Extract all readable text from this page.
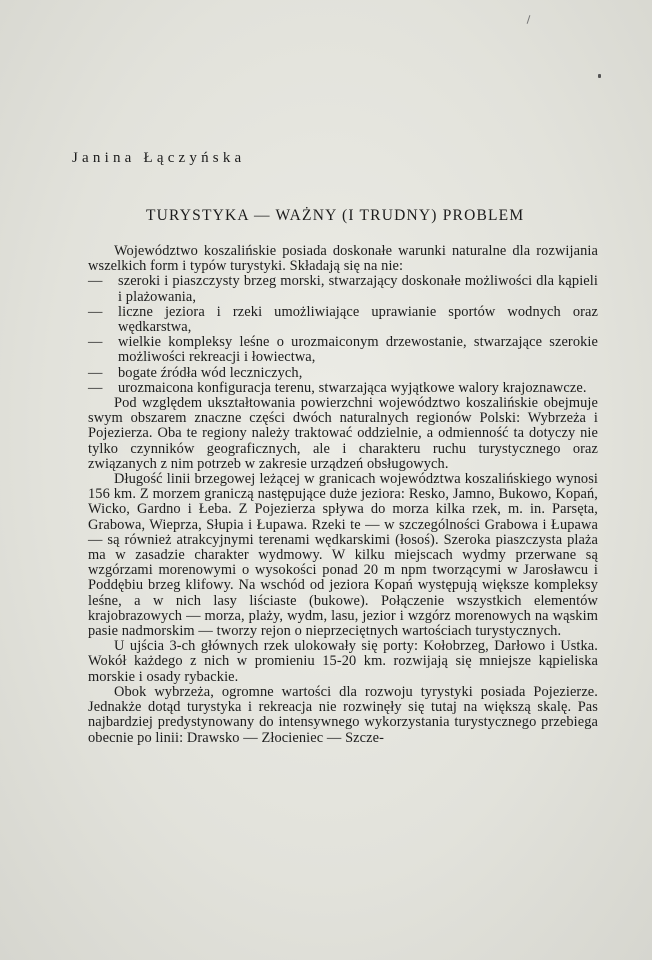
Janina Łączyńska
TURYSTYKA — WAŻNY (I TRUDNY) PROBLEM

Województwo koszalińskie posiada doskonałe warunki naturalne dla rozwijania wszelkich form i typów turystyki. Składają się na nie:

— szeroki i piaszczysty brzeg morski, stwarzający doskonałe możliwości dla kąpieli i plażowania,
— liczne jeziora i rzeki umożliwiające uprawianie sportów wodnych oraz wędkarstwa,
— wielkie kompleksy leśne o urozmaiconym drzewostanie, stwarzające szerokie możliwości rekreacji i łowiectwa,
— bogate źródła wód leczniczych,
— urozmaicona konfiguracja terenu, stwarzająca wyjątkowe walory krajoznawcze.

Pod względem ukształtowania powierzchni województwo koszalińskie obejmuje swym obszarem znaczne części dwóch naturalnych regionów Polski: Wybrzeża i Pojezierza. Oba te regiony należy traktować oddzielnie, a odmienność ta dotyczy nie tylko czynników geograficznych, ale i charakteru ruchu turystycznego oraz związanych z nim potrzeb w zakresie urządzeń obsługowych.

Długość linii brzegowej leżącej w granicach województwa koszalińskiego wynosi 156 km. Z morzem graniczą następujące duże jeziora: Resko, Jamno, Bukowo, Kopań, Wicko, Gardno i Łeba. Z Pojezierza spływa do morza kilka rzek, m. in. Parsęta, Grabowa, Wieprza, Słupia i Łupawa. Rzeki te — w szczególności Grabowa i Łupawa — są również atrakcyjnymi terenami wędkarskimi (łosoś). Szeroka piaszczysta plaża ma w zasadzie charakter wydmowy. W kilku miejscach wydmy przerwane są wzgórzami morenowymi o wysokości ponad 20 m npm tworzącymi w Jarosławcu i Poddębiu brzeg klifowy. Na wschód od jeziora Kopań występują większe kompleksy leśne, a w nich lasy liściaste (bukowe). Połączenie wszystkich elementów krajobrazowych — morza, plaży, wydm, lasu, jezior i wzgórz morenowych na wąskim pasie nadmorskim — tworzy rejon o nieprzeciętnych wartościach turystycznych.

U ujścia 3-ch głównych rzek ulokowały się porty: Kołobrzeg, Darłowo i Ustka. Wokół każdego z nich w promieniu 15-20 km. rozwijają się mniejsze kąpieliska morskie i osady rybackie.

Obok wybrzeża, ogromne wartości dla rozwoju tyrystyki posiada Pojezierze. Jednakże dotąd turystyka i rekreacja nie rozwinęły się tutaj na większą skalę. Pas najbardziej predystynowany do intensywnego wykorzystania turystycznego przebiega obecnie po linii: Drawsko — Złocieniec — Szcze-
